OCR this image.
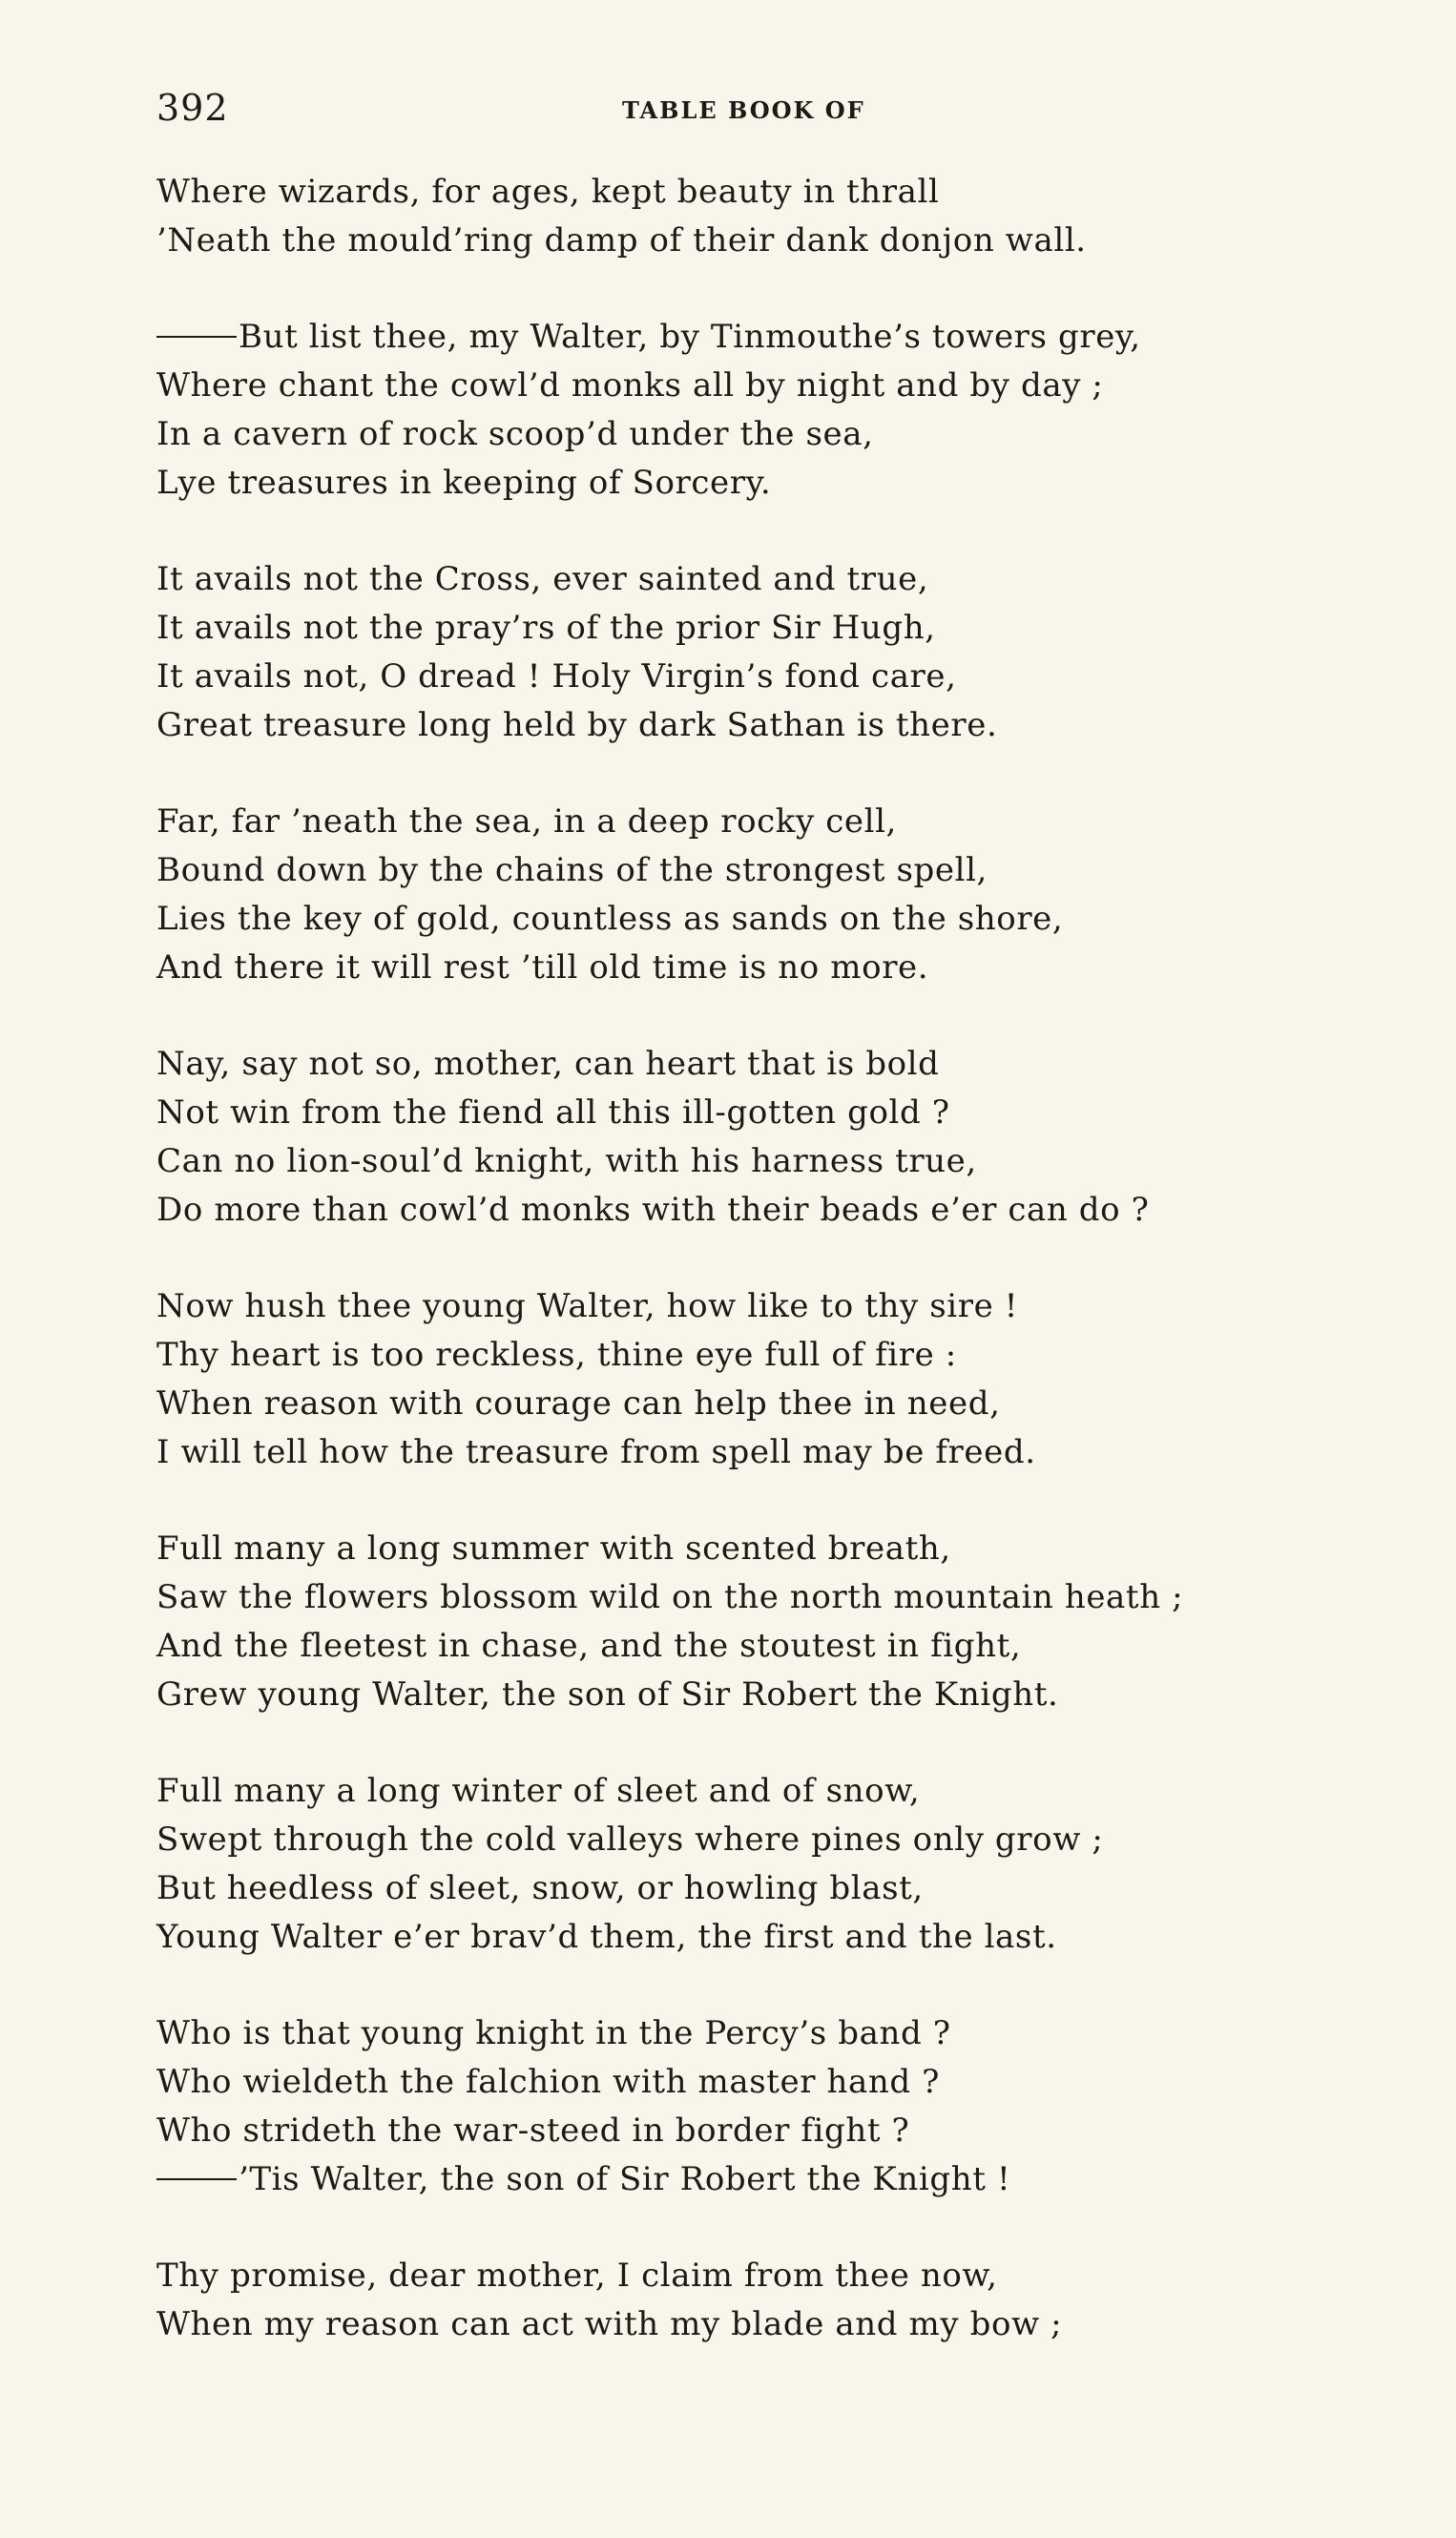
392	TABLE BOOK OF
Where wizards, for ages, kept beauty in thrall
’Neath the mould’ring damp of their dank donjon wall.
But list thee, my Walter, by Tinmouthe’s towers grey,
Where chant the cowl’d monks all by night and by day ;
In a cavern of rock scoop’d under the sea,
Lye treasures in keeping of Sorcery.
It avails not the Cross, ever sainted and true,
It avails not the pray’rs of the prior Sir Hugh,
It avails not, O dread ! Holy Virgin’s fond care,
Great treasure long held by dark Sathan is there.
Far, far ’neath the sea, in a deep rocky cell,
Bound down by the chains of the strongest spell,
Lies the key of gold, countless as sands on the shore,
And there it will rest ’till old time is no more.
Nay, say not so, mother, can heart that is bold
Not win from the fiend all this ill-gotten gold ?
Can no lion-soul’d knight, with his harness true,
Do more than cowl’d monks with their beads e’er can do ?
Now hush thee young Walter, how like to thy sire !
Thy heart is too reckless, thine eye full of fire :
When reason with courage can help thee in need,
I will tell how the treasure from spell may be freed.
Full many a long summer with scented breath,
Saw the flowers blossom wild on the north mountain heath ;
And the fleetest in chase, and the stoutest in fight,
Grew young Walter, the son of Sir Robert the Knight.
Full many a long winter of sleet and of snow,
Swept through the cold valleys where pines only grow ;
But heedless of sleet, snow, or howling blast,
Young Walter e’er brav’d them, the first and the last.
Who is that young knight in the Percy’s band ?
Who wieldeth the falchion with master hand ?
Who strideth the war-steed in border fight ?
’Tis Walter, the son of Sir Robert the Knight !
Thy promise, dear mother, I claim from thee now,
When my reason can act with my blade and my bow ;
